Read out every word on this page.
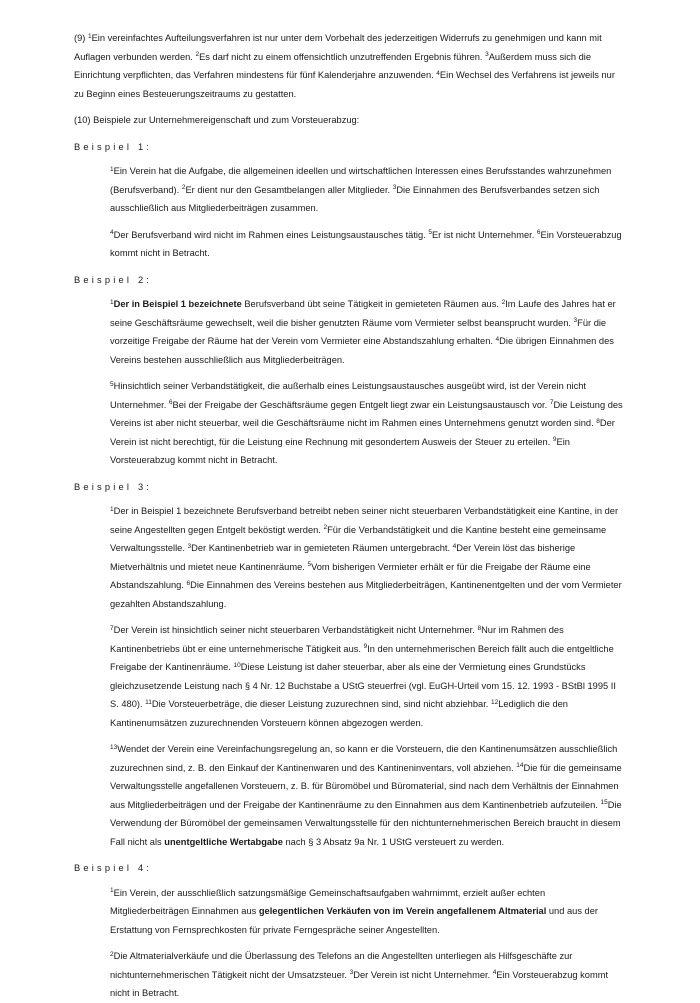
(9) $^1$Ein vereinfachtes Aufteilungsverfahren ist nur unter dem Vorbehalt des jederzeitigen Widerrufs zu genehmigen und kann mit Auflagen verbunden werden. $^2$Es darf nicht zu einem offensichtlich unzutreffenden Ergebnis führen. $^3$Außerdem muss sich die Einrichtung verpflichten, das Verfahren mindestens für fünf Kalenderjahre anzuwenden. $^4$Ein Wechsel des Verfahrens ist jeweils nur zu Beginn eines Besteuerungszeitraums zu gestatten.

(10) Beispiele zur Unternehmereigenschaft und zum Vorsteuerabzug:

Beispiel 1:

$^1$Ein Verein hat die Aufgabe, die allgemeinen ideellen und wirtschaftlichen Interessen eines Berufsstandes wahrzunehmen (Berufsverband). $^2$Er dient nur den Gesamtbelangen aller Mitglieder. $^3$Die Einnahmen des Berufsverbandes setzen sich ausschließlich aus Mitgliederbeiträgen zusammen.

$^4$Der Berufsverband wird nicht im Rahmen eines Leistungsaustausches tätig. $^5$Er ist nicht Unternehmer. $^6$Ein Vorsteuerabzug kommt nicht in Betracht.

Beispiel 2:

$^1$Der in Beispiel 1 bezeichnete Berufsverband übt seine Tätigkeit in gemieteten Räumen aus. $^2$Im Laufe des Jahres hat er seine Geschäftsräume gewechselt, weil die bisher genutzten Räume vom Vermieter selbst beansprucht wurden. $^3$Für die vorzeitige Freigabe der Räume hat der Verein vom Vermieter eine Abstandszahlung erhalten. $^4$Die übrigen Einnahmen des Vereins bestehen ausschließlich aus Mitgliederbeiträgen.

$^5$Hinsichtlich seiner Verbandstätigkeit, die außerhalb eines Leistungsaustausches ausgeübt wird, ist der Verein nicht Unternehmer. $^6$Bei der Freigabe der Geschäftsräume gegen Entgelt liegt zwar ein Leistungsaustausch vor. $^7$Die Leistung des Vereins ist aber nicht steuerbar, weil die Geschäftsräume nicht im Rahmen eines Unternehmens genutzt worden sind. $^8$Der Verein ist nicht berechtigt, für die Leistung eine Rechnung mit gesondertem Ausweis der Steuer zu erteilen. $^9$Ein Vorsteuerabzug kommt nicht in Betracht.

Beispiel 3:

$^1$Der in Beispiel 1 bezeichnete Berufsverband betreibt neben seiner nicht steuerbaren Verbandstätigkeit eine Kantine, in der seine Angestellten gegen Entgelt beköstigt werden. $^2$Für die Verbandstätigkeit und die Kantine besteht eine gemeinsame Verwaltungsstelle. $^3$Der Kantinenbetrieb war in gemieteten Räumen untergebracht. $^4$Der Verein löst das bisherige Mietverhältnis und mietet neue Kantinenräume. $^5$Vom bisherigen Vermieter erhält er für die Freigabe der Räume eine Abstandszahlung. $^6$Die Einnahmen des Vereins bestehen aus Mitgliederbeiträgen, Kantinenentgelten und der vom Vermieter gezahlten Abstandszahlung.

$^7$Der Verein ist hinsichtlich seiner nicht steuerbaren Verbandstätigkeit nicht Unternehmer. $^8$Nur im Rahmen des Kantinenbetriebs übt er eine unternehmerische Tätigkeit aus. $^9$In den unternehmerischen Bereich fällt auch die entgeltliche Freigabe der Kantinenräume. $^{10}$Diese Leistung ist daher steuerbar, aber als eine der Vermietung eines Grundstücks gleichzusetzende Leistung nach § 4 Nr. 12 Buchstabe a UStG steuerfrei (vgl. EuGH-Urteil vom 15. 12. 1993 - BStBl 1995 II S. 480). $^{11}$Die Vorsteuerbeträge, die dieser Leistung zuzurechnen sind, sind nicht abziehbar. $^{12}$Lediglich die den Kantinenumsätzen zuzurechnenden Vorsteuern können abgezogen werden.

$^{13}$Wendet der Verein eine Vereinfachungsregelung an, so kann er die Vorsteuern, die den Kantinenumsätzen ausschließlich zuzurechnen sind, z. B. den Einkauf der Kantinenwaren und des Kantineninventars, voll abziehen. $^{14}$Die für die gemeinsame Verwaltungsstelle angefallenen Vorsteuern, z. B. für Büromöbel und Büromaterial, sind nach dem Verhältnis der Einnahmen aus Mitgliederbeiträgen und der Freigabe der Kantinenräume zu den Einnahmen aus dem Kantinenbetrieb aufzuteilen. $^{15}$Die Verwendung der Büromöbel der gemeinsamen Verwaltungsstelle für den nichtunternehmerischen Bereich braucht in diesem Fall nicht als unentgeltliche Wertabgabe nach § 3 Absatz 9a Nr. 1 UStG versteuert zu werden.

Beispiel 4:

$^1$Ein Verein, der ausschließlich satzungsmäßige Gemeinschaftsaufgaben wahrnimmt, erzielt außer echten Mitgliederbeiträgen Einnahmen aus gelegentlichen Verkäufen von im Verein angefallenem Altmaterial und aus der Erstattung von Fernsprechkosten für private Ferngespräche seiner Angestellten.

$^2$Die Altmaterialverkäufe und die Überlassung des Telefons an die Angestellten unterliegen als Hilfsgeschäfte zur nichtunternehmerischen Tätigkeit nicht der Umsatzsteuer. $^3$Der Verein ist nicht Unternehmer. $^4$Ein Vorsteuerabzug kommt nicht in Betracht.
